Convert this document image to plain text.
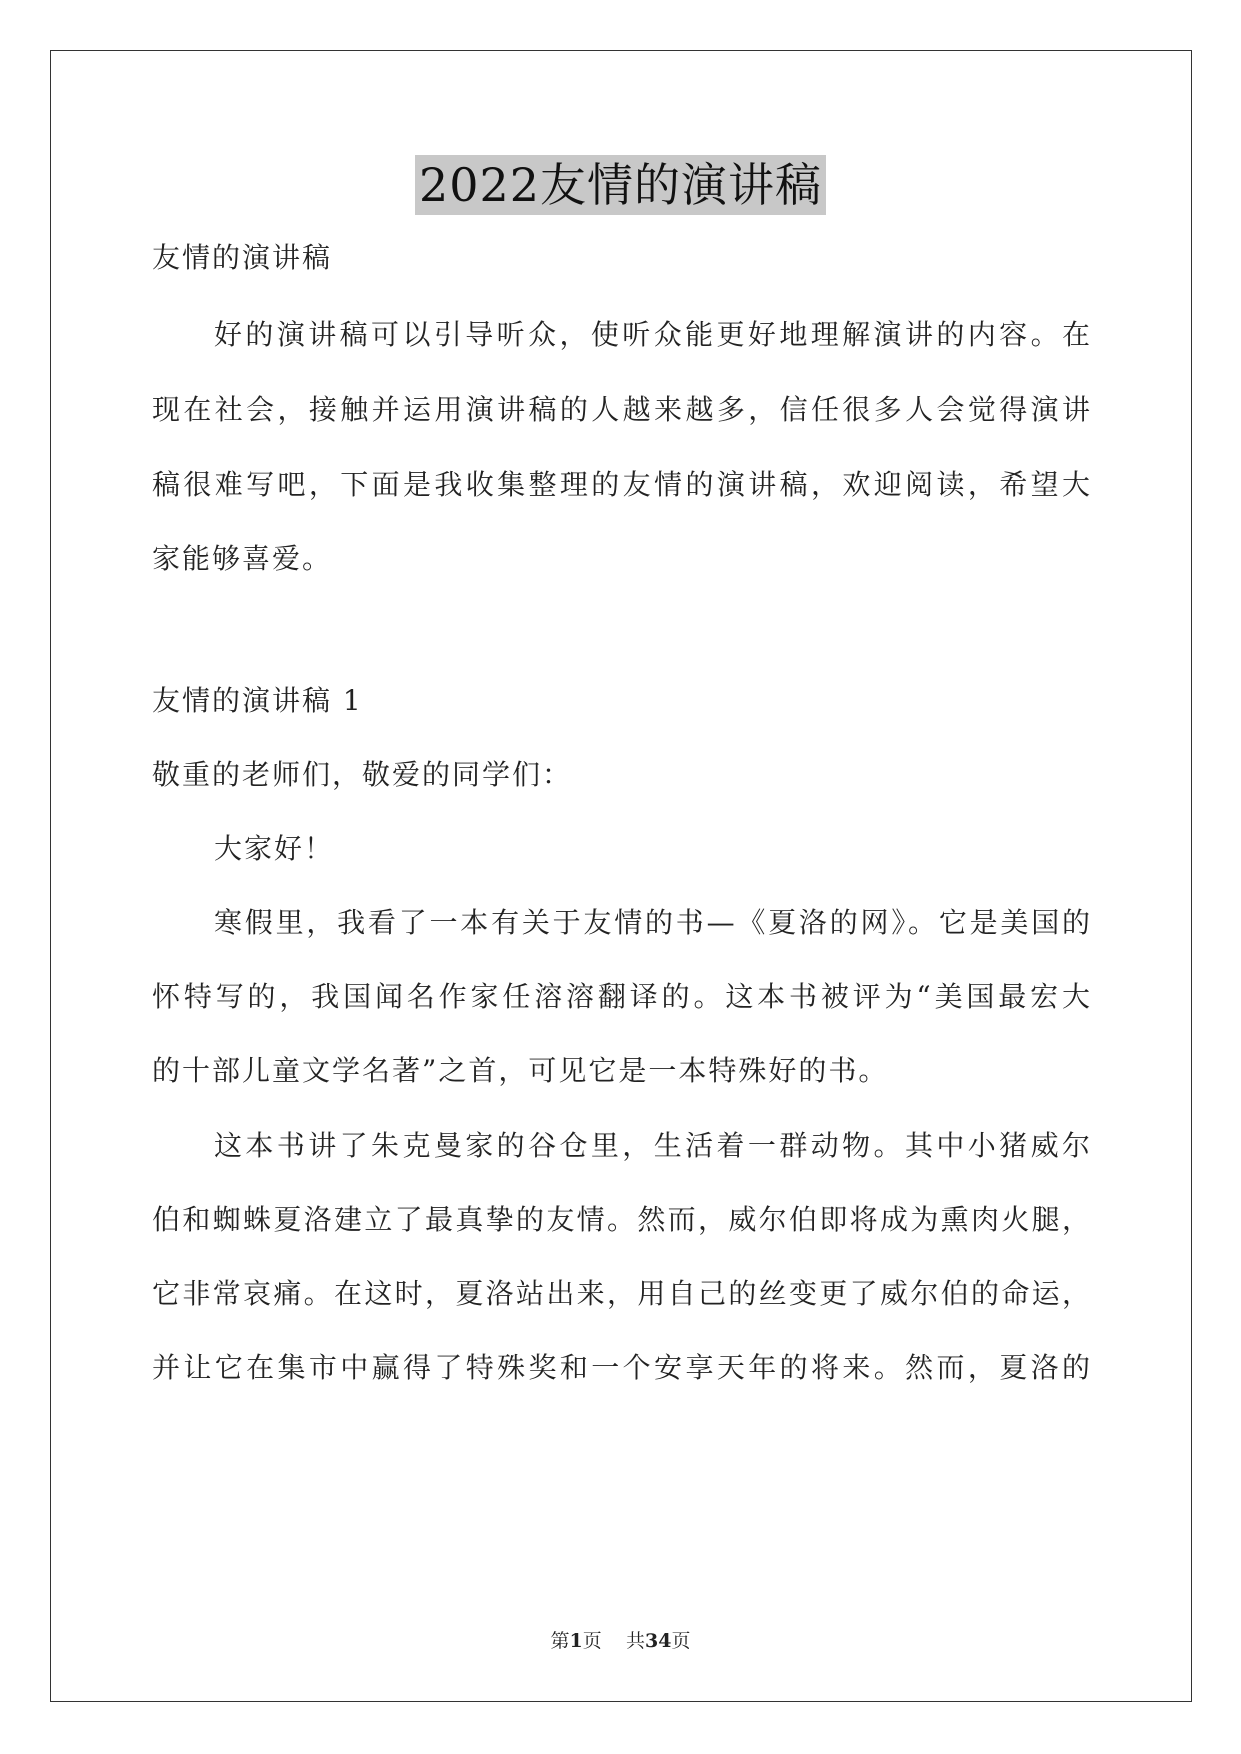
2022友情的演讲稿
友情的演讲稿
好的演讲稿可以引导听众，使听众能更好地理解演讲的内容。在
现在社会，接触并运用演讲稿的人越来越多，信任很多人会觉得演讲
稿很难写吧，下面是我收集整理的友情的演讲稿，欢迎阅读，希望大
家能够喜爱。
友情的演讲稿 1
敬重的老师们，敬爱的同学们：
大家好！
寒假里，我看了一本有关于友情的书—《夏洛的网》。它是美国的
怀特写的，我国闻名作家任溶溶翻译的。这本书被评为“美国最宏大
的十部儿童文学名著”之首，可见它是一本特殊好的书。
这本书讲了朱克曼家的谷仓里，生活着一群动物。其中小猪威尔
伯和蜘蛛夏洛建立了最真挚的友情。然而，威尔伯即将成为熏肉火腿，
它非常哀痛。在这时，夏洛站出来，用自己的丝变更了威尔伯的命运，
并让它在集市中赢得了特殊奖和一个安享天年的将来。然而，夏洛的
第1页 共34页
